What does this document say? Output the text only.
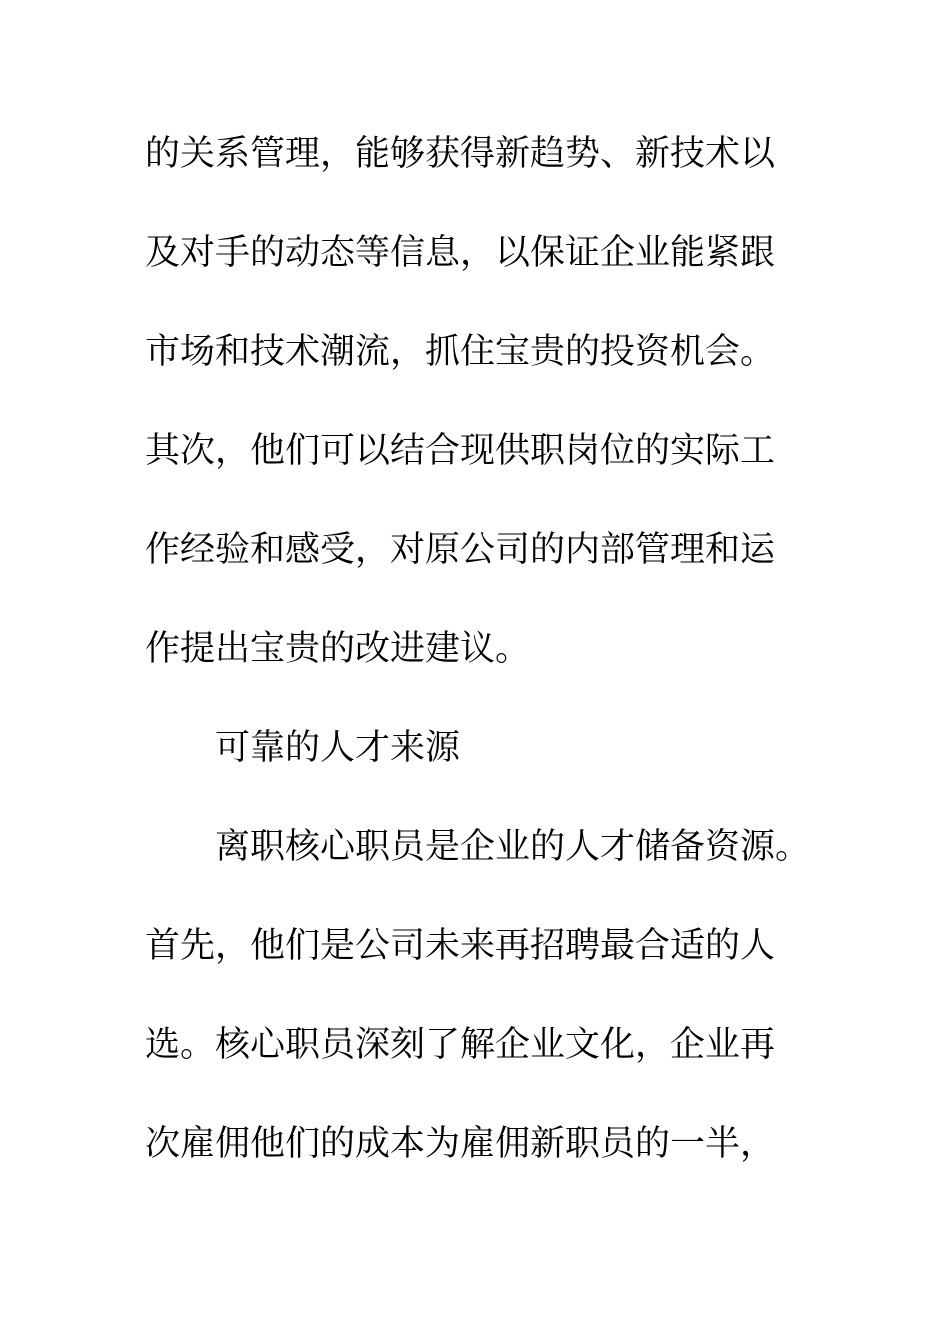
的关系管理，能够获得新趋势、新技术以
及对手的动态等信息，以保证企业能紧跟
市场和技术潮流，抓住宝贵的投资机会。
其次，他们可以结合现供职岗位的实际工
作经验和感受，对原公司的内部管理和运
作提出宝贵的改进建议。
可靠的人才来源
离职核心职员是企业的人才储备资源。
首先，他们是公司未来再招聘最合适的人
选。核心职员深刻了解企业文化，企业再
次雇佣他们的成本为雇佣新职员的一半，
